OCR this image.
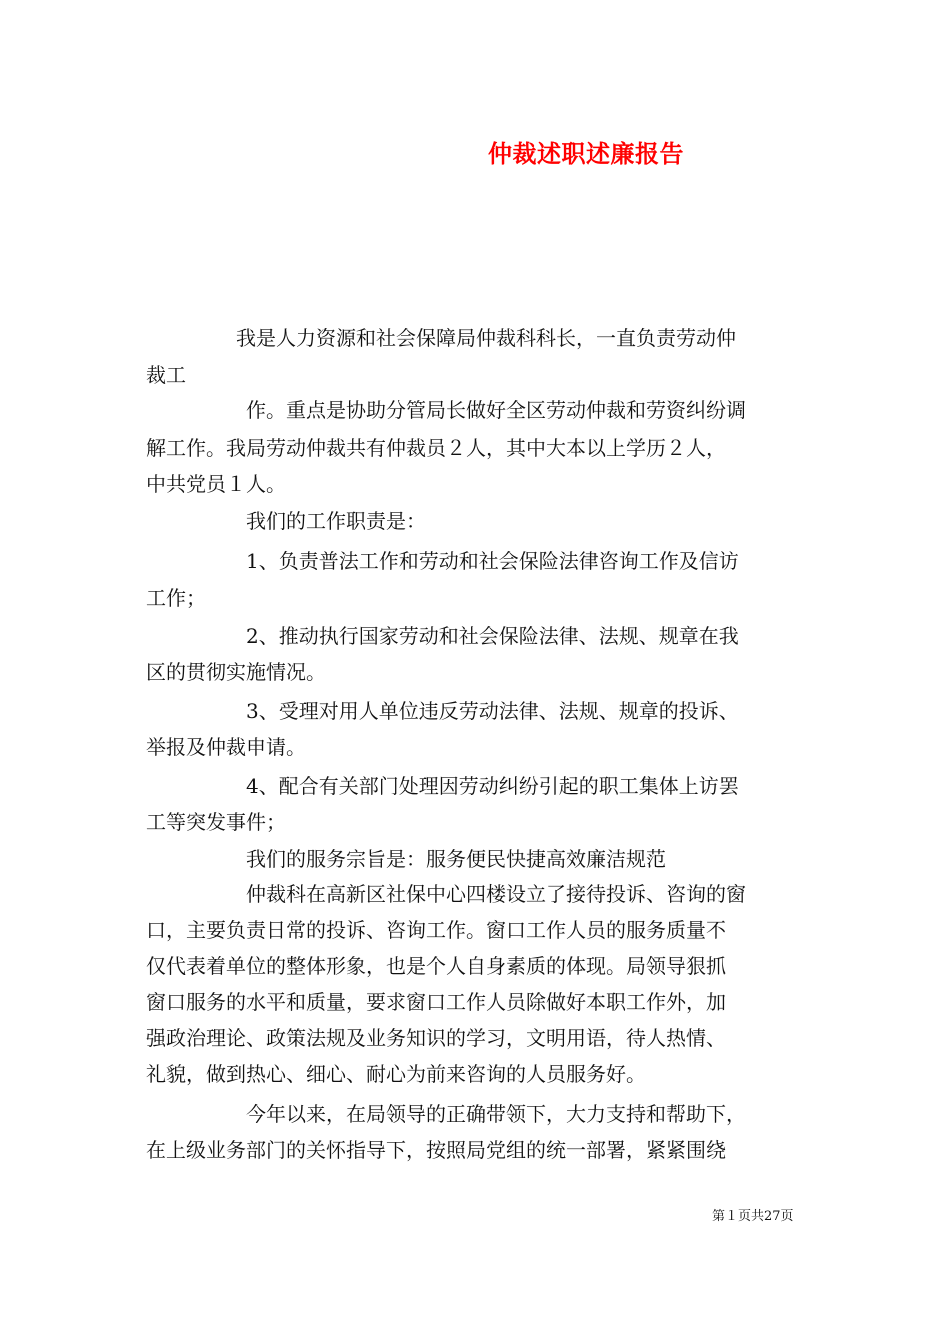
仲裁述职述廉报告
我是人力资源和社会保障局仲裁科科长，一直负责劳动仲
裁工
作。重点是协助分管局长做好全区劳动仲裁和劳资纠纷调
解工作。我局劳动仲裁共有仲裁员２人，其中大本以上学历２人，
中共党员１人。
我们的工作职责是：
1、负责普法工作和劳动和社会保险法律咨询工作及信访
工作；
2、推动执行国家劳动和社会保险法律、法规、规章在我
区的贯彻实施情况。
3、受理对用人单位违反劳动法律、法规、规章的投诉、
举报及仲裁申请。
4、配合有关部门处理因劳动纠纷引起的职工集体上访罢
工等突发事件；
我们的服务宗旨是：服务便民快捷高效廉洁规范
仲裁科在高新区社保中心四楼设立了接待投诉、咨询的窗
口，主要负责日常的投诉、咨询工作。窗口工作人员的服务质量不
仅代表着单位的整体形象，也是个人自身素质的体现。局领导狠抓
窗口服务的水平和质量，要求窗口工作人员除做好本职工作外，加
强政治理论、政策法规及业务知识的学习，文明用语，待人热情、
礼貌，做到热心、细心、耐心为前来咨询的人员服务好。
今年以来，在局领导的正确带领下，大力支持和帮助下，
在上级业务部门的关怀指导下，按照局党组的统一部署，紧紧围绕
第１页共27页
